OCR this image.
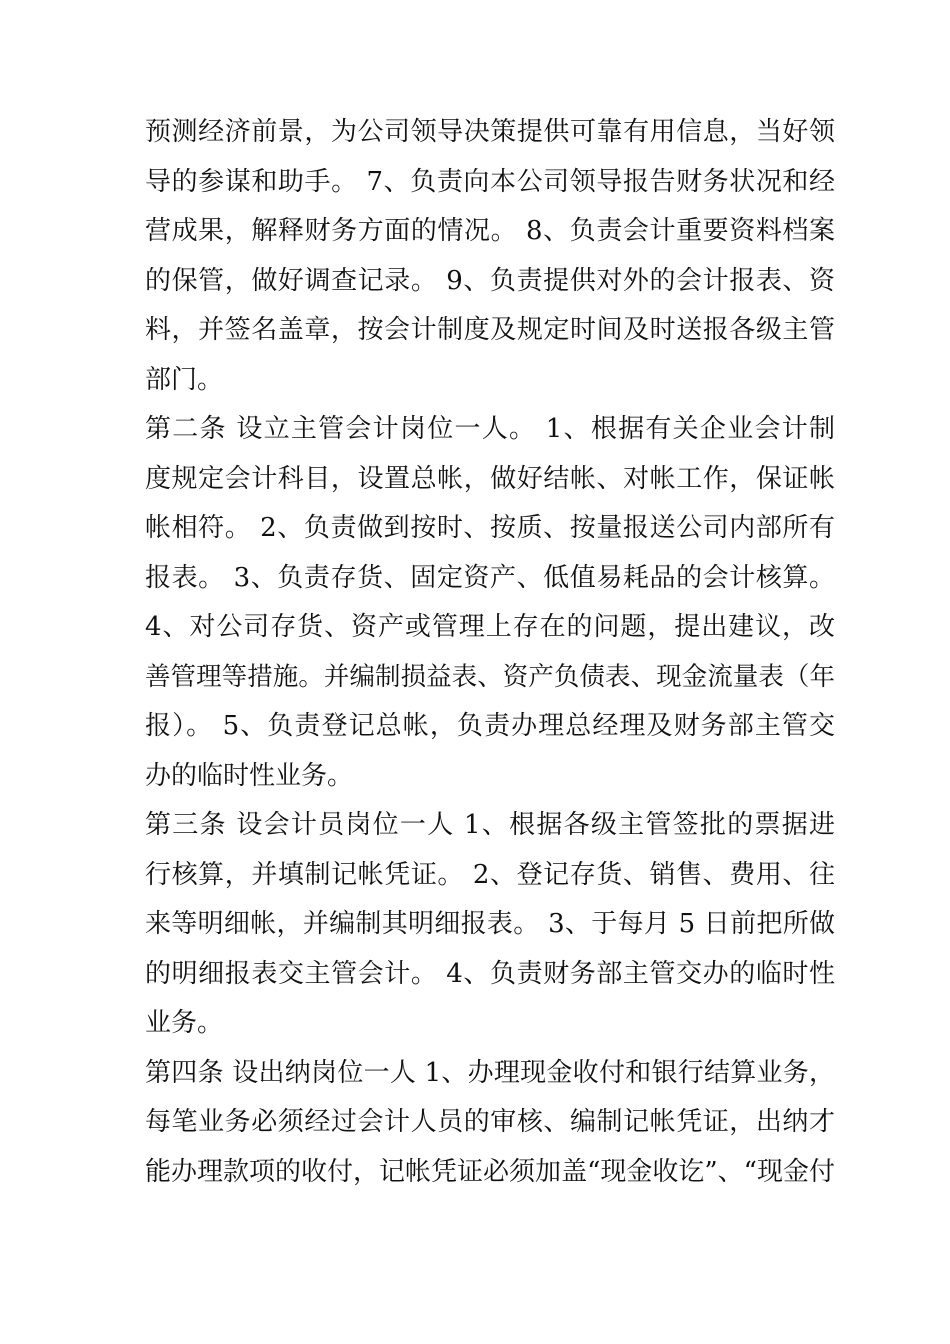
预测经济前景，为公司领导决策提供可靠有用信息，当好领
导的参谋和助手。 7、负责向本公司领导报告财务状况和经
营成果，解释财务方面的情况。 8、负责会计重要资料档案
的保管，做好调查记录。 9、负责提供对外的会计报表、资
料，并签名盖章，按会计制度及规定时间及时送报各级主管
部门。
第二条 设立主管会计岗位一人。 1、根据有关企业会计制
度规定会计科目，设置总帐，做好结帐、对帐工作，保证帐
帐相符。 2、负责做到按时、按质、按量报送公司内部所有
报表。 3、负责存货、固定资产、低值易耗品的会计核算。
4、对公司存货、资产或管理上存在的问题，提出建议，改
善管理等措施。并编制损益表、资产负债表、现金流量表（年
报）。 5、负责登记总帐，负责办理总经理及财务部主管交
办的临时性业务。
第三条 设会计员岗位一人 1、根据各级主管签批的票据进
行核算，并填制记帐凭证。 2、登记存货、销售、费用、往
来等明细帐，并编制其明细报表。 3、于每月 5 日前把所做
的明细报表交主管会计。 4、负责财务部主管交办的临时性
业务。
第四条 设出纳岗位一人 1、办理现金收付和银行结算业务，
每笔业务必须经过会计人员的审核、编制记帐凭证，出纳才
能办理款项的收付，记帐凭证必须加盖“现金收讫”、“现金付
